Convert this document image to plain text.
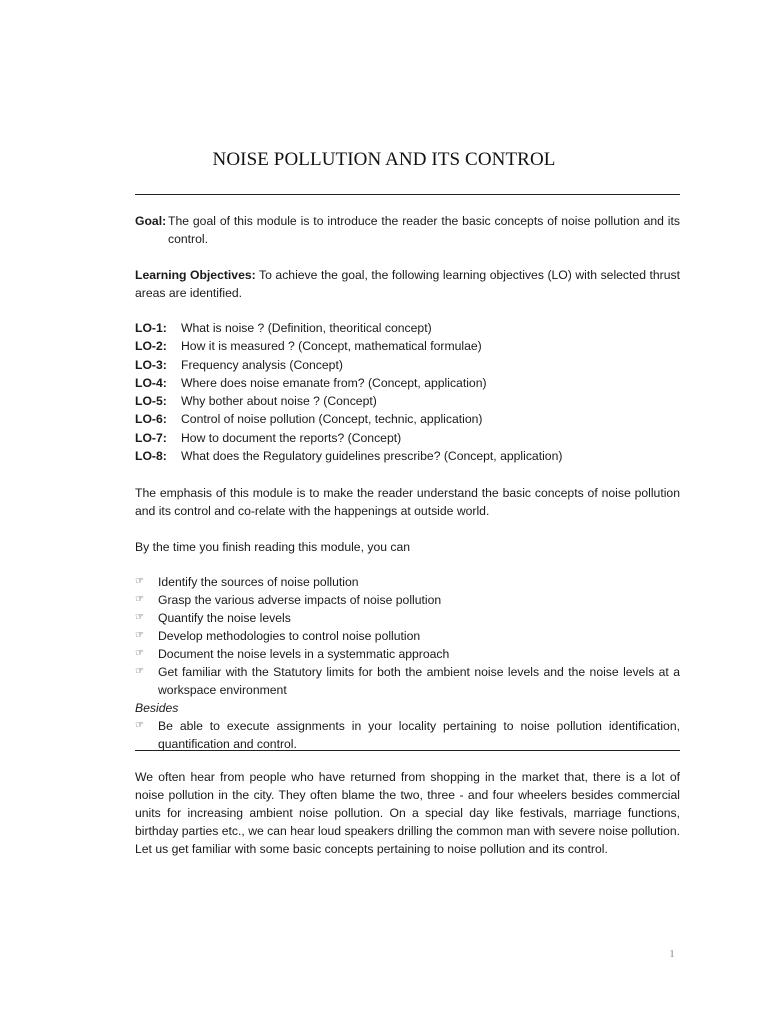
NOISE POLLUTION AND ITS CONTROL
Goal: The goal of this module is to introduce the reader the basic concepts of noise pollution and its control.
Learning Objectives: To achieve the goal, the following learning objectives (LO) with selected thrust areas are identified.
LO-1:	What is noise ? (Definition, theoritical concept)
LO-2:	How it is measured ? (Concept, mathematical formulae)
LO-3:	Frequency analysis (Concept)
LO-4:	Where does noise emanate from? (Concept, application)
LO-5:	Why bother about noise ? (Concept)
LO-6:	Control of noise pollution (Concept, technic, application)
LO-7:	How to document the reports? (Concept)
LO-8:	What does the Regulatory guidelines prescribe? (Concept, application)
The emphasis of this module is to make the reader understand the basic concepts of noise pollution and its control and co-relate with the happenings at outside world.
By the time you finish reading this module, you can
☞	Identify the sources of noise pollution
☞	Grasp the various adverse impacts of noise pollution
☞	Quantify the noise levels
☞	Develop methodologies to control noise pollution
☞	Document the noise levels in a systemmatic approach
☞	Get familiar with the Statutory limits for both the ambient noise levels and the noise levels at a workspace environment
Besides
☞	Be able to execute assignments in your locality pertaining to noise pollution identification, quantification and control.
We often hear from people who have returned from shopping in the market that, there is a lot of noise pollution in the city. They often blame the two, three - and four wheelers besides commercial units for increasing ambient noise pollution. On a special day like festivals, marriage functions, birthday parties etc., we can hear loud speakers drilling the common man with severe noise pollution. Let us get familiar with some basic concepts pertaining to noise pollution and its control.
1
